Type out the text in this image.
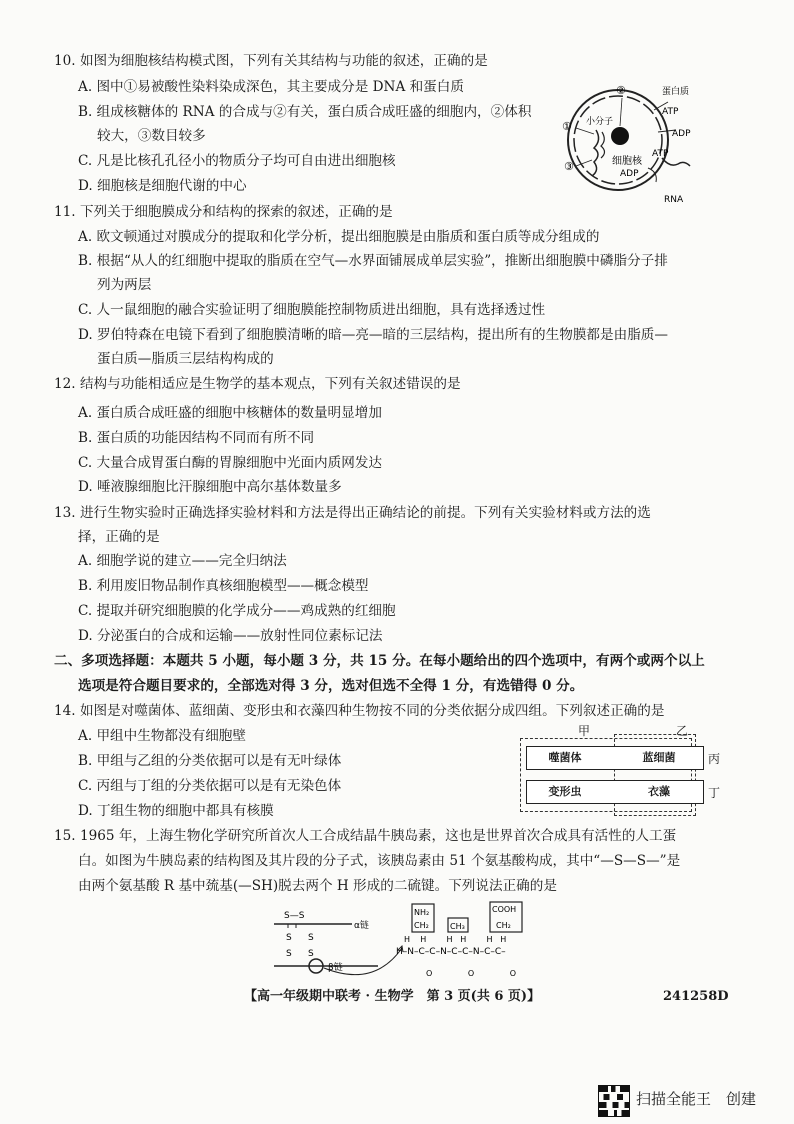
10. 如图为细胞核结构模式图，下列有关其结构与功能的叙述，正确的是
A. 图中①易被酸性染料染成深色，其主要成分是 DNA 和蛋白质
B. 组成核糖体的 RNA 的合成与②有关，蛋白质合成旺盛的细胞内，②体积
较大，③数目较多
C. 凡是比核孔孔径小的物质分子均可自由进出细胞核
D. 细胞核是细胞代谢的中心
②	蛋白质
ATP
① 小分子
ADP
ATP
③	细胞核
ADP
RNA
11. 下列关于细胞膜成分和结构的探索的叙述，正确的是
A. 欧文顿通过对膜成分的提取和化学分析，提出细胞膜是由脂质和蛋白质等成分组成的
B. 根据“从人的红细胞中提取的脂质在空气—水界面铺展成单层实验”，推断出细胞膜中磷脂分子排
列为两层
C. 人一鼠细胞的融合实验证明了细胞膜能控制物质进出细胞，具有选择透过性
D. 罗伯特森在电镜下看到了细胞膜清晰的暗—亮—暗的三层结构，提出所有的生物膜都是由脂质—
蛋白质—脂质三层结构构成的
12. 结构与功能相适应是生物学的基本观点，下列有关叙述错误的是
A. 蛋白质合成旺盛的细胞中核糖体的数量明显增加
B. 蛋白质的功能因结构不同而有所不同
C. 大量合成胃蛋白酶的胃腺细胞中光面内质网发达
D. 唾液腺细胞比汗腺细胞中高尔基体数量多
13. 进行生物实验时正确选择实验材料和方法是得出正确结论的前提。下列有关实验材料或方法的选
择，正确的是
A. 细胞学说的建立——完全归纳法
B. 利用废旧物品制作真核细胞模型——概念模型
C. 提取并研究细胞膜的化学成分——鸡成熟的红细胞
D. 分泌蛋白的合成和运输——放射性同位素标记法
二、多项选择题：本题共 5 小题，每小题 3 分，共 15 分。在每小题给出的四个选项中，有两个或两个以上
选项是符合题目要求的，全部选对得 3 分，选对但选不全得 1 分，有选错得 0 分。
14. 如图是对噬菌体、蓝细菌、变形虫和衣藻四种生物按不同的分类依据分成四组。下列叙述正确的是
A. 甲组中生物都没有细胞壁
B. 甲组与乙组的分类依据可以是有无叶绿体
C. 丙组与丁组的分类依据可以是有无染色体
D. 丁组生物的细胞中都具有核膜
甲	乙
噬菌体	蓝细菌
变形虫	衣藻
丙
丁
15. 1965 年，上海生物化学研究所首次人工合成结晶牛胰岛素，这也是世界首次合成具有活性的人工蛋
白。如图为牛胰岛素的结构图及其片段的分子式，该胰岛素由 51 个氨基酸构成，其中“—S—S—”是
由两个氨基酸 R 基中巯基(—SH)脱去两个 H 形成的二硫键。下列说法正确的是
S—S
S
S
S
S
α链
β链
NH₂
CH₂	CH₃
COOH
CH₂
H    H        H   H        H   H
H–N–C–C–N–C–C–N–C–C–
O              O              O
【高一年级期中联考 · 生物学　第 3 页(共 6 页)】	241258D
扫描全能王　创建
